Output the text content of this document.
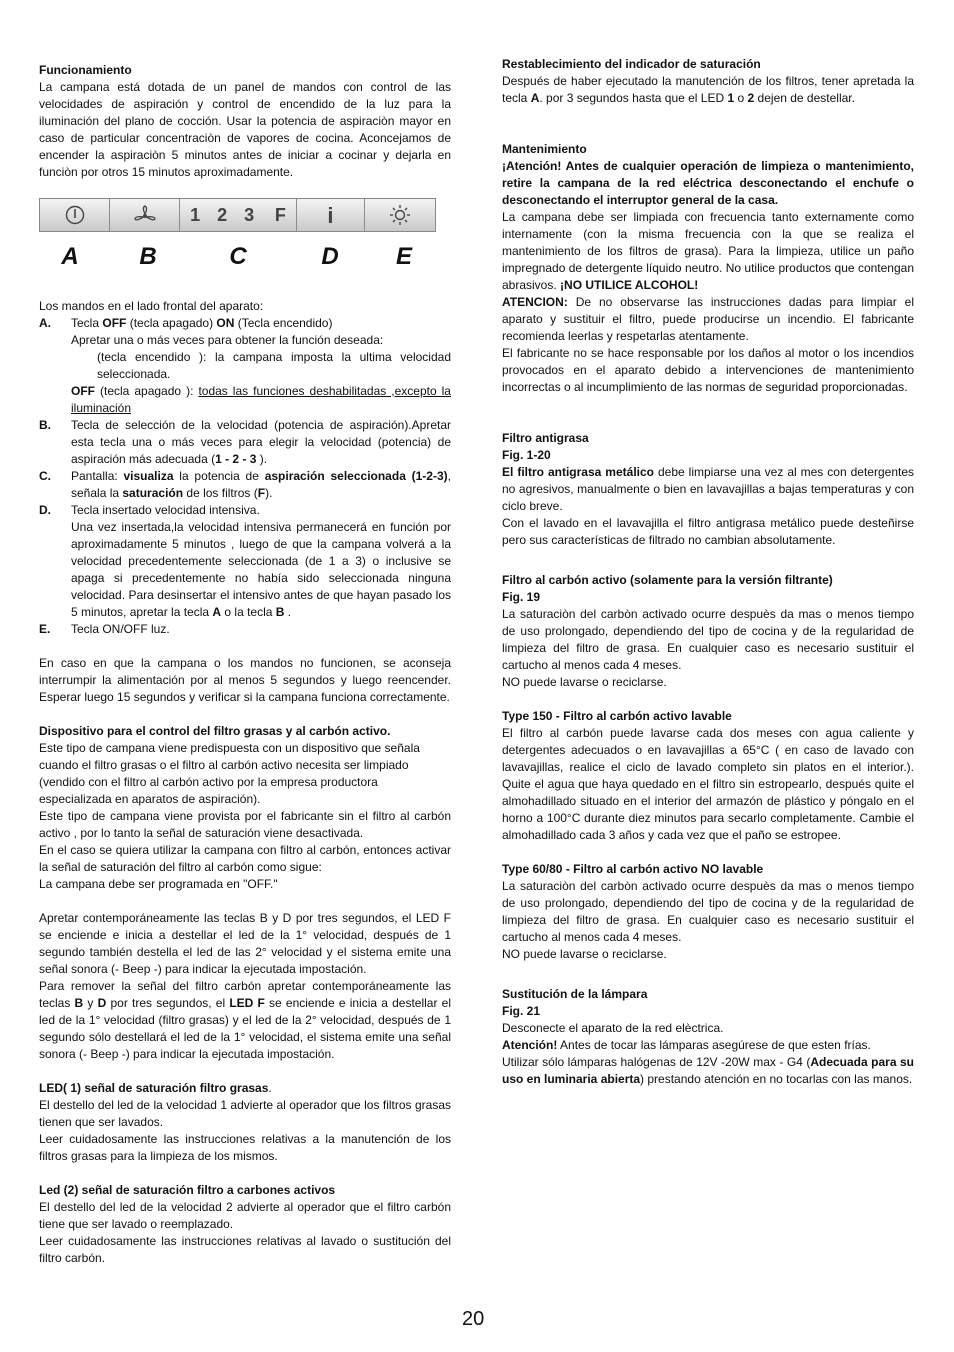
Funcionamiento

La campana está dotada de un panel de mandos con control de las velocidades de aspiración y control de encendido de la luz para la iluminación del plano de cocción. Usar la potencia de aspiraciòn mayor en caso de particular concentraciòn de vapores de cocina. Aconcejamos de encender la aspiraciòn 5 minutos antes de iniciar a cocinar y dejarla en funciòn por otros 15 minutos aproximadamente.

1 2 3 F i
A	B	C	D	E

Los mandos en el lado frontal del aparato:

A.	Tecla OFF (tecla apagado) ON (Tecla encendido)

Apretar una o más veces para obtener la función deseada:

(tecla encendido ): la campana imposta la ultima velocidad seleccionada.

OFF (tecla apagado ): todas las funciones deshabilitadas ,excepto la iluminación

B.	Tecla de selección de la velocidad (potencia de aspiración).Apretar esta tecla una o más veces para elegir la velocidad (potencia) de aspiración más adecuada (1 - 2 - 3 ).
C.	Pantalla: visualiza la potencia de aspiración seleccionada (1-2-3), señala la saturación de los filtros (F).
D.	Tecla insertado velocidad intensiva.

Una vez insertada,la velocidad intensiva permanecerá en función por aproximadamente 5 minutos , luego de que la campana volverá a la velocidad precedentemente seleccionada (de 1 a 3) o inclusive se apaga si precedentemente no había sido seleccionada ninguna velocidad. Para desinsertar el intensivo antes de que hayan pasado los 5 minutos, apretar la tecla A o la tecla B .

E.	Tecla ON/OFF luz.

En caso en que la campana o los mandos no funcionen, se aconseja interrumpir la alimentación por al menos 5 segundos y luego reencender. Esperar luego 15 segundos y verificar si la campana funciona correctamente.

Dispositivo para el control del filtro grasas y al carbón activo.

Este tipo de campana viene predispuesta con un dispositivo que señala cuando el filtro grasas o el filtro al carbón activo necesita ser limpiado (vendido con el filtro al carbón activo por la empresa productora especializada en aparatos de aspiración).

Este tipo de campana viene provista por el fabricante sin el filtro al carbón activo , por lo tanto la señal de saturación viene desactivada.

En el caso se quiera utilizar la campana con filtro al carbón, entonces activar la señal de saturación del filtro al carbón como sigue:

La campana debe ser programada en "OFF."

Apretar contemporáneamente las teclas B y D por tres segundos, el LED F se enciende e inicia a destellar el led de la 1° velocidad, después de 1 segundo también destella el led de las 2° velocidad y el sistema emite una señal sonora (- Beep -) para indicar la ejecutada impostación.

Para remover la señal del filtro carbón apretar contemporáneamente las teclas B y D por tres segundos, el LED F se enciende e inicia a destellar el led de la 1° velocidad (filtro grasas) y el led de la 2° velocidad, después de 1 segundo sólo destellará el led de la 1° velocidad, el sistema emite una señal sonora (- Beep -) para indicar la ejecutada impostación.

LED( 1) señal de saturación filtro grasas.

El destello del led de la velocidad 1 advierte al operador que los filtros grasas tienen que ser lavados.

Leer cuidadosamente las instrucciones relativas a la manutención de los filtros grasas para la limpieza de los mismos.

Led (2) señal de saturación filtro a carbones activos

El destello del led de la velocidad 2 advierte al operador que el filtro carbón tiene que ser lavado o reemplazado.

Leer cuidadosamente las instrucciones relativas al lavado o sustitución del filtro carbón.

Restablecimiento del indicador de saturación

Después de haber ejecutado la manutención de los filtros, tener apretada la tecla A. por 3 segundos hasta que el LED 1 o 2 dejen de destellar.

Mantenimiento

¡Atención! Antes de cualquier operación de limpieza o mantenimiento, retire la campana de la red eléctrica desconectando el enchufe o desconectando el interruptor general de la casa.

La campana debe ser limpiada con frecuencia tanto externamente como internamente (con la misma frecuencia con la que se realiza el mantenimiento de los filtros de grasa). Para la limpieza, utilice un paño impregnado de detergente líquido neutro. No utilice productos que contengan abrasivos. ¡NO UTILICE ALCOHOL!

ATENCION: De no observarse las instrucciones dadas para limpiar el aparato y sustituir el filtro, puede producirse un incendio. El fabricante recomienda leerlas y respetarlas atentamente.

El fabricante no se hace responsable por los daños al motor o los incendios provocados en el aparato debido a intervenciones de mantenimiento incorrectas o al incumplimiento de las normas de seguridad proporcionadas.

Filtro antigrasa

Fig. 1-20

El filtro antigrasa metálico debe limpiarse una vez al mes con detergentes no agresivos, manualmente o bien en lavavajillas a bajas temperaturas y con ciclo breve.

Con el lavado en el lavavajilla el filtro antigrasa metálico puede desteñirse pero sus características de filtrado no cambian absolutamente.

Filtro al carbón activo (solamente para la versión filtrante)

Fig. 19

La saturaciòn del carbòn activado ocurre despuès da mas o menos tiempo de uso prolongado, dependiendo del tipo de cocina y de la regularidad de limpieza del filtro de grasa. En cualquier caso es necesario sustituir el cartucho al menos cada 4 meses.

NO puede lavarse o reciclarse.

Type 150 - Filtro al carbón activo lavable

El filtro al carbón puede lavarse cada dos meses con agua caliente y detergentes adecuados o en lavavajillas a 65°C ( en caso de lavado con lavavajillas, realice el ciclo de lavado completo sin platos en el interior.). Quite el agua que haya quedado en el filtro sin estropearlo, después quite el almohadillado situado en el interior del armazón de plástico y póngalo en el horno a 100°C durante diez minutos para secarlo completamente. Cambie el almohadillado cada 3 años y cada vez que el paño se estropee.

Type 60/80 - Filtro al carbón activo NO lavable

La saturaciòn del carbòn activado ocurre despuès da mas o menos tiempo de uso prolongado, dependiendo del tipo de cocina y de la regularidad de limpieza del filtro de grasa. En cualquier caso es necesario sustituir el cartucho al menos cada 4 meses.

NO puede lavarse o reciclarse.

Sustitución de la lámpara

Fig. 21

Desconecte el aparato de la red elèctrica.

Atención! Antes de tocar las lámparas asegúrese de que esten frías.

Utilizar sólo lámparas halógenas de 12V -20W max - G4 (Adecuada para su uso en luminaria abierta) prestando atención en no tocarlas con las manos.

20
